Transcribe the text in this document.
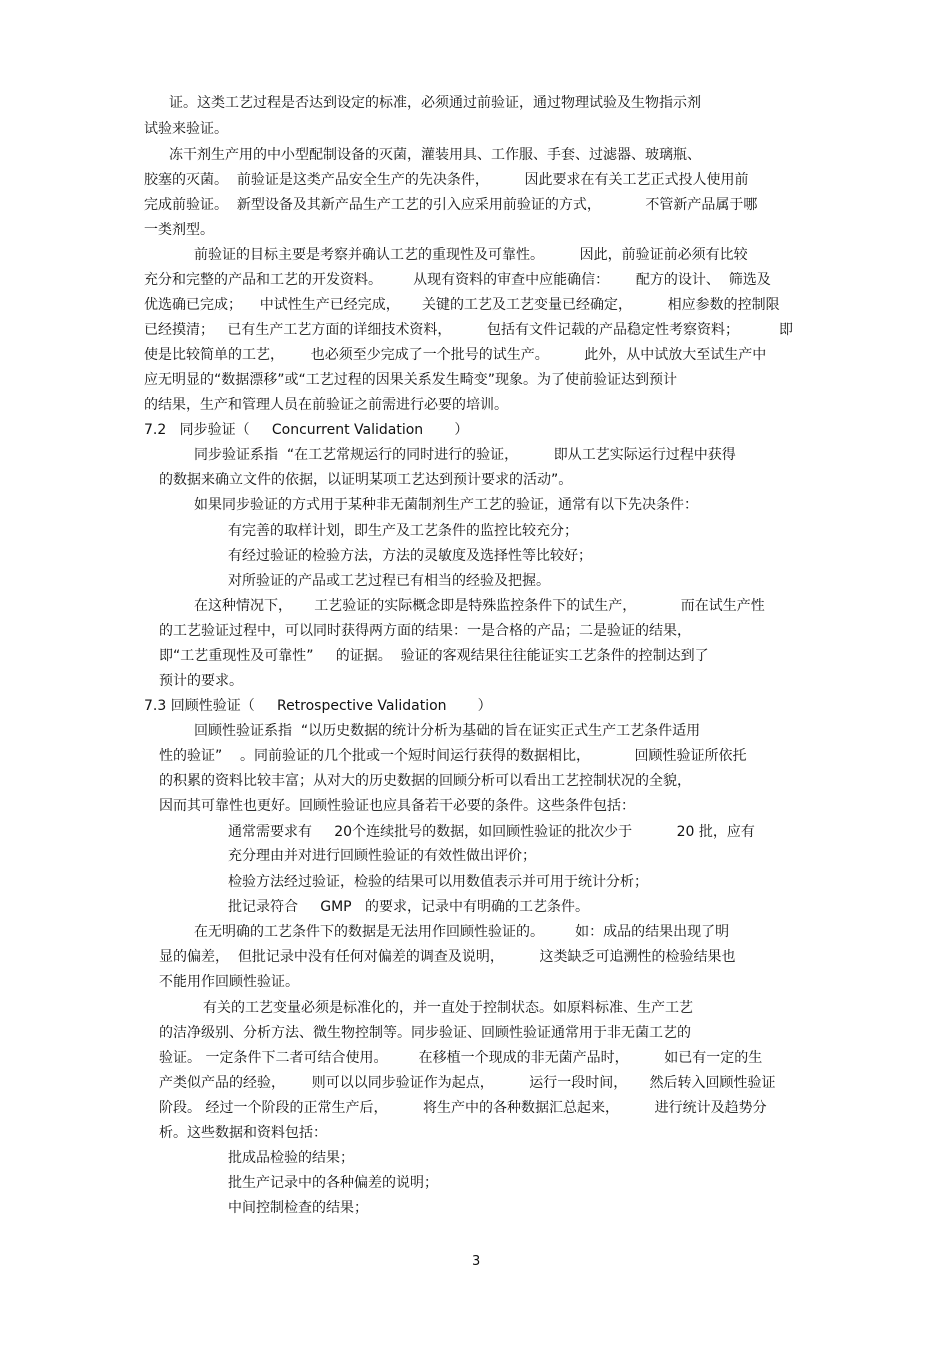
证。这类工艺过程是否达到设定的标准，必须通过前验证，通过物理试验及生物指示剂
试验来验证。
冻干剂生产用的中小型配制设备的灭菌，灌装用具、工作服、手套、过滤器、玻璃瓶、
胶塞的灭菌。  前验证是这类产品安全生产的先决条件，        因此要求在有关工艺正式投人使用前
完成前验证。  新型设备及其新产品生产工艺的引入应采用前验证的方式，          不管新产品属于哪
一类剂型。
前验证的目标主要是考察并确认工艺的重现性及可靠性。        因此，前验证前必须有比较
充分和完整的产品和工艺的开发资料。       从现有资料的审查中应能确信：      配方的设计、  筛选及
优选确已完成；    中试性生产已经完成，     关键的工艺及工艺变量已经确定，        相应参数的控制限
已经摸清；   已有生产工艺方面的详细技术资料，        包括有文件记载的产品稳定性考察资料；         即
使是比较简单的工艺，      也必须至少完成了一个批号的试生产。        此外，从中试放大至试生产中
应无明显的“数据漂移”或“工艺过程的因果关系发生畸变”现象。为了使前验证达到预计
的结果，生产和管理人员在前验证之前需进行必要的培训。
7.2   同步验证（     Concurrent Validation       ）
同步验证系指  “在工艺常规运行的同时进行的验证，        即从工艺实际运行过程中获得
的数据来确立文件的依据，以证明某项工艺达到预计要求的活动”。
如果同步验证的方式用于某种非无菌制剂生产工艺的验证，通常有以下先决条件：
有完善的取样计划，即生产及工艺条件的监控比较充分；
有经过验证的检验方法，方法的灵敏度及选择性等比较好；
对所验证的产品或工艺过程已有相当的经验及把握。
在这种情况下，     工艺验证的实际概念即是特殊监控条件下的试生产，          而在试生产性
的工艺验证过程中，可以同时获得两方面的结果：一是合格的产品；二是验证的结果，
即“工艺重现性及可靠性”     的证据。  验证的客观结果往往能证实工艺条件的控制达到了
预计的要求。
7.3 回顾性验证（     Retrospective Validation       ）
回顾性验证系指  “以历史数据的统计分析为基础的旨在证实正式生产工艺条件适用
性的验证”    。同前验证的几个批或一个短时间运行获得的数据相比，          回顾性验证所依托
的积累的资料比较丰富；从对大的历史数据的回顾分析可以看出工艺控制状况的全貌，
因而其可靠性也更好。回顾性验证也应具备若干必要的条件。这些条件包括：
通常需要求有     20个连续批号的数据，如回顾性验证的批次少于          20 批，应有
充分理由并对进行回顾性验证的有效性做出评价；
检验方法经过验证，检验的结果可以用数值表示并可用于统计分析；
批记录符合     GMP   的要求，记录中有明确的工艺条件。
在无明确的工艺条件下的数据是无法用作回顾性验证的。       如：成品的结果出现了明
显的偏差，  但批记录中没有任何对偏差的调查及说明，        这类缺乏可追溯性的检验结果也
不能用作回顾性验证。
有关的工艺变量必须是标准化的，并一直处于控制状态。如原料标准、生产工艺
的洁净级别、分析方法、微生物控制等。同步验证、回顾性验证通常用于非无菌工艺的
验证。 一定条件下二者可结合使用。       在移植一个现成的非无菌产品时，        如已有一定的生
产类似产品的经验，      则可以以同步验证作为起点，        运行一段时间，     然后转入回顾性验证
阶段。 经过一个阶段的正常生产后，        将生产中的各种数据汇总起来，        进行统计及趋势分
析。这些数据和资料包括：
批成品检验的结果；
批生产记录中的各种偏差的说明；
中间控制检查的结果；
3
